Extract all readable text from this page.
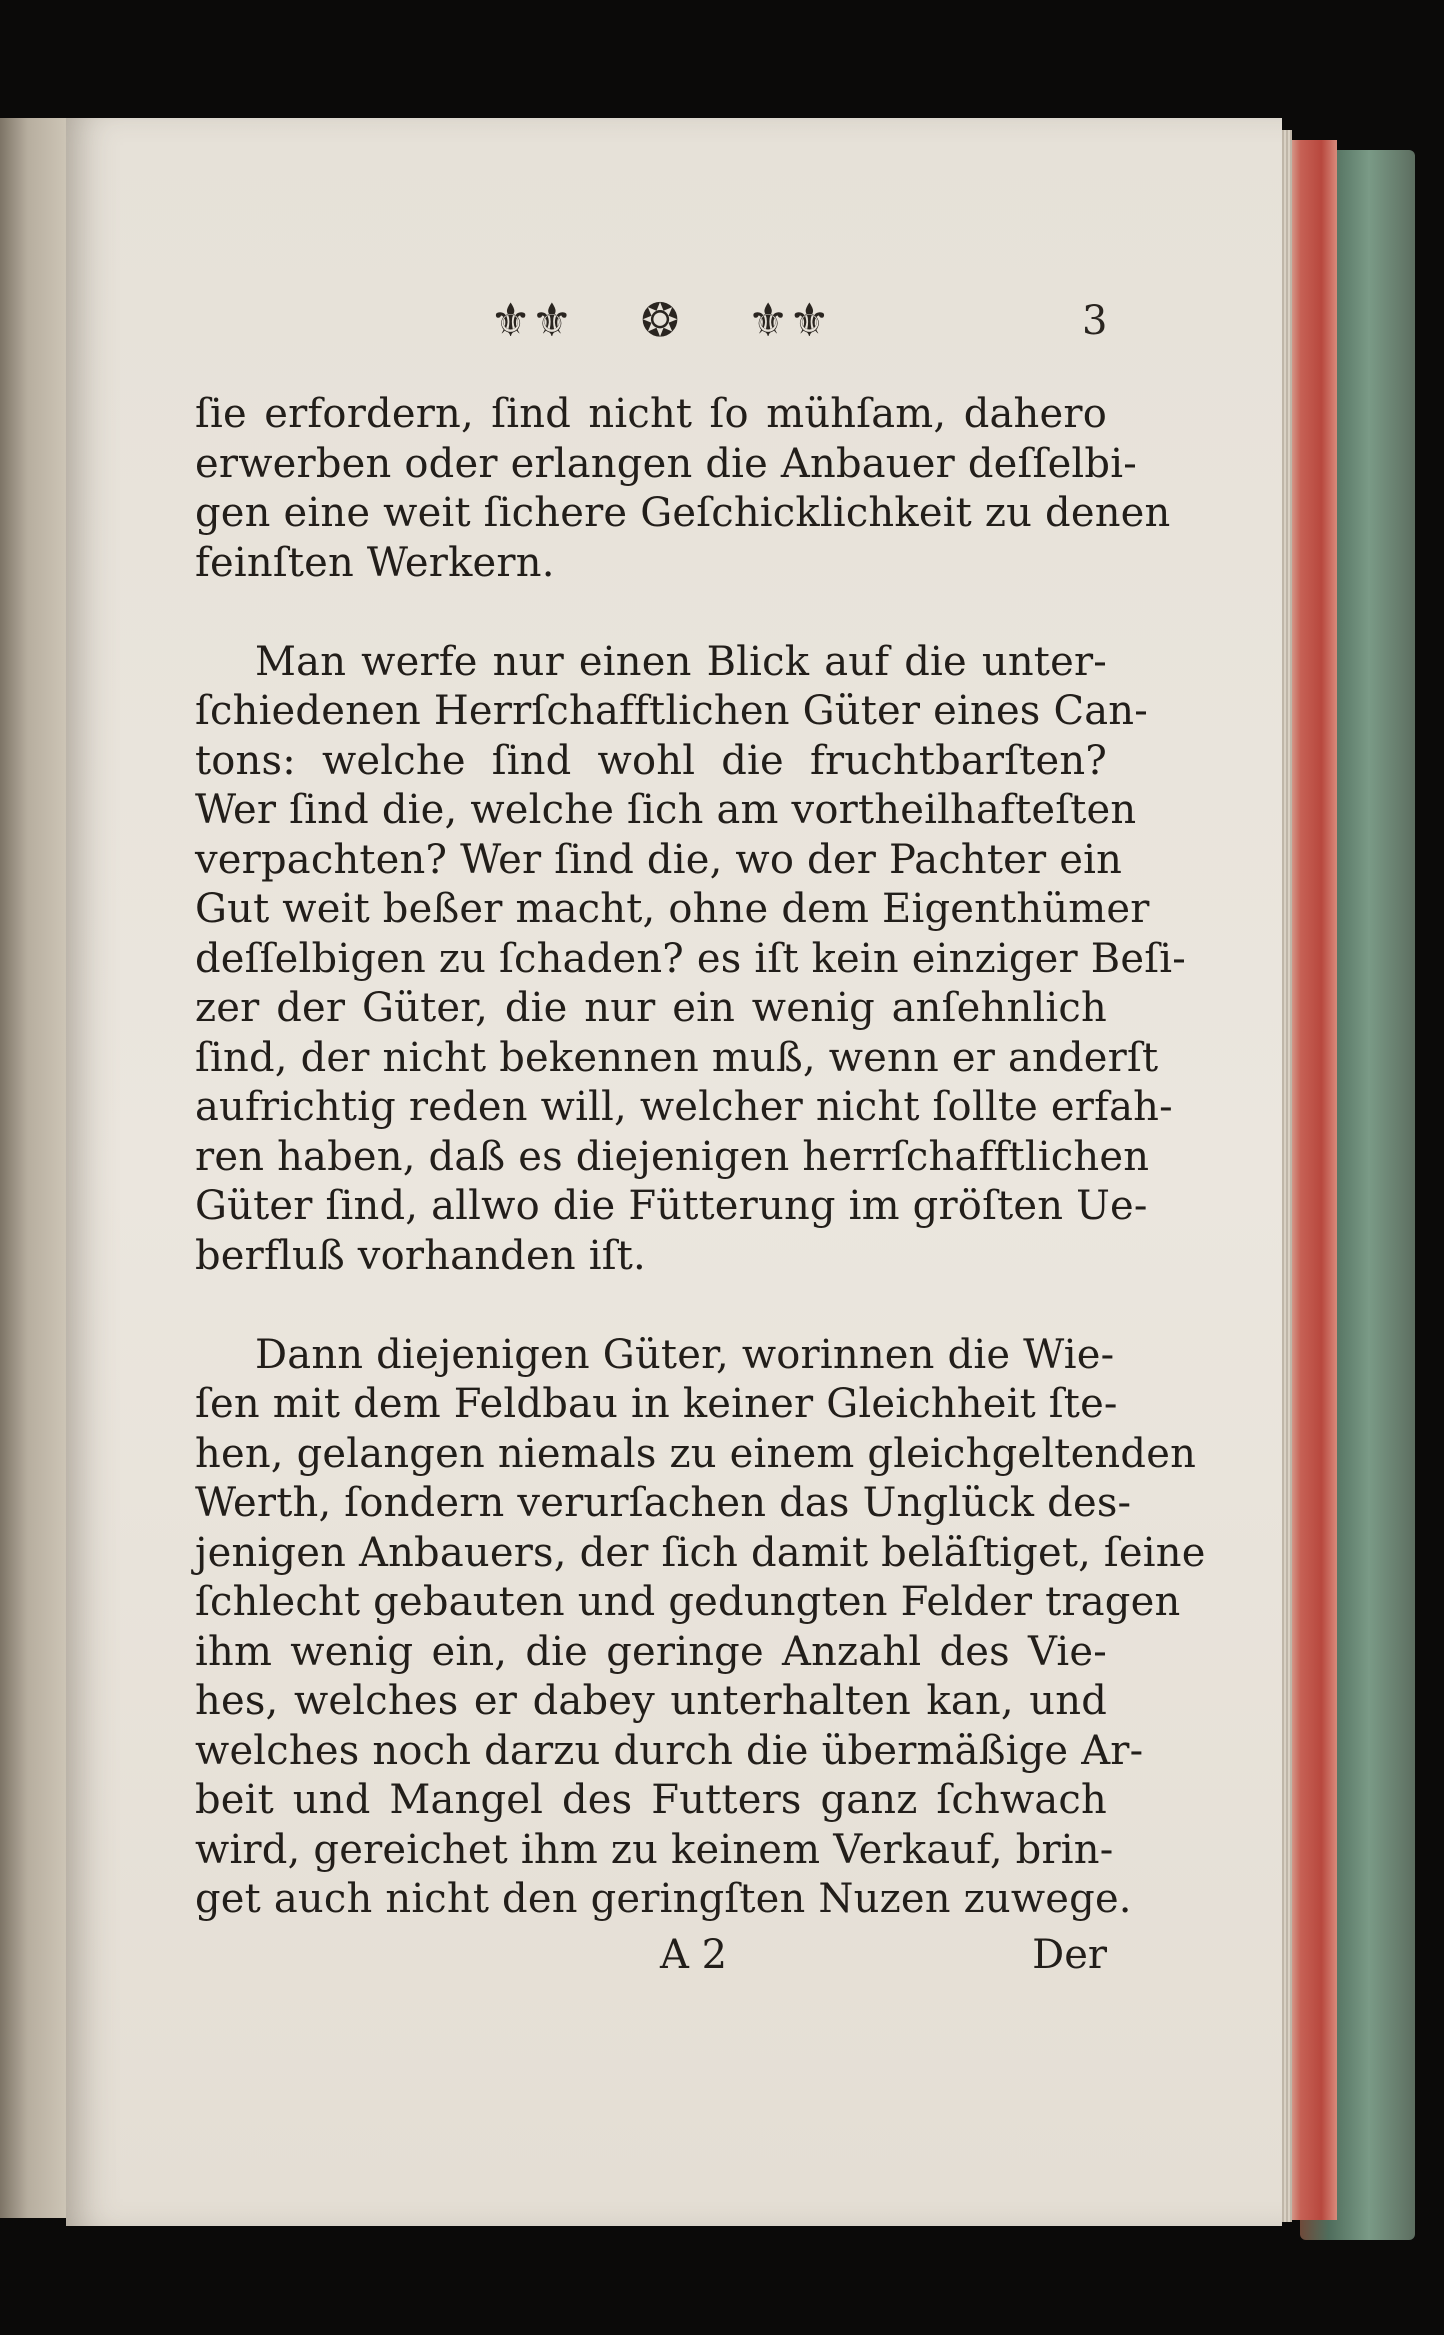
⚜⚜ ❂ ⚜⚜	3
ſie erfordern, ſind nicht ſo mühſam, dahero
erwerben oder erlangen die Anbauer deſſelbi-
gen eine weit ſichere Geſchicklichkeit zu denen
feinſten Werkern.
Man werfe nur einen Blick auf die unter-
ſchiedenen Herrſchafftlichen Güter eines Can-
tons: welche ſind wohl die fruchtbarſten?
Wer ſind die, welche ſich am vortheilhafteſten
verpachten? Wer ſind die, wo der Pachter ein
Gut weit beßer macht, ohne dem Eigenthümer
deſſelbigen zu ſchaden? es iſt kein einziger Beſi-
zer der Güter, die nur ein wenig anſehnlich
ſind, der nicht bekennen muß, wenn er anderſt
aufrichtig reden will, welcher nicht ſollte erfah-
ren haben, daß es diejenigen herrſchafftlichen
Güter ſind, allwo die Fütterung im gröſten Ue-
berfluß vorhanden iſt.
Dann diejenigen Güter, worinnen die Wie-
ſen mit dem Feldbau in keiner Gleichheit ſte-
hen, gelangen niemals zu einem gleichgeltenden
Werth, ſondern verurſachen das Unglück des-
jenigen Anbauers, der ſich damit beläſtiget, ſeine
ſchlecht gebauten und gedungten Felder tragen
ihm wenig ein, die geringe Anzahl des Vie-
hes, welches er dabey unterhalten kan, und
welches noch darzu durch die übermäßige Ar-
beit und Mangel des Futters ganz ſchwach
wird, gereichet ihm zu keinem Verkauf, brin-
get auch nicht den geringſten Nuzen zuwege.
A 2	Der
